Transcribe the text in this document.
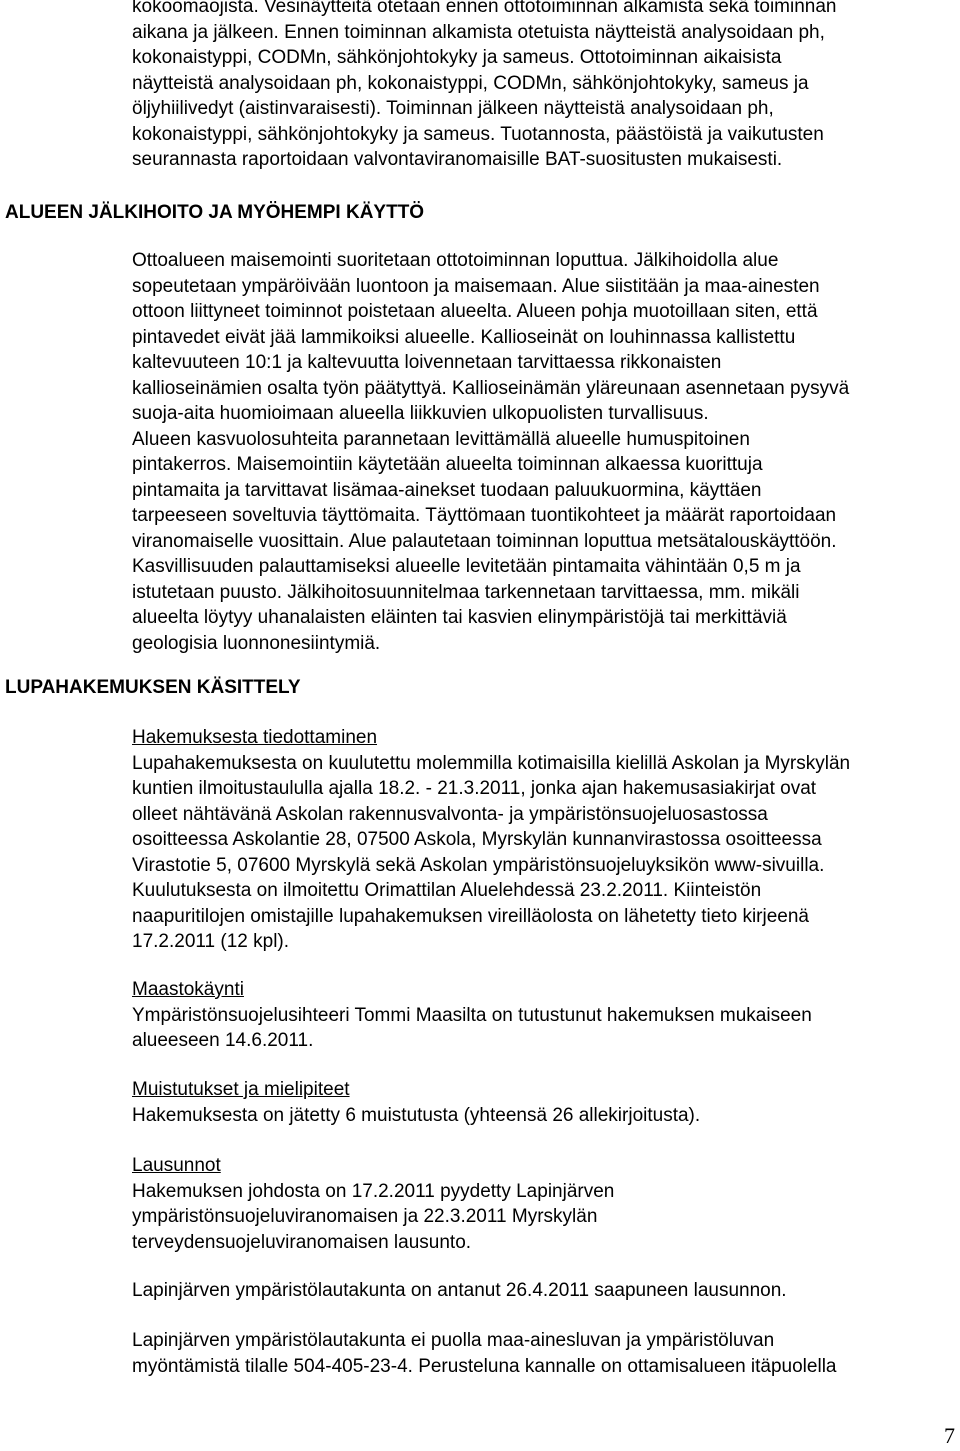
kokoomaojista. Vesinäytteitä otetaan ennen ottotoiminnan alkamista sekä toiminnan
aikana ja jälkeen. Ennen toiminnan alkamista otetuista näytteistä analysoidaan ph,
kokonaistyppi, CODMn, sähkönjohtokyky ja sameus. Ottotoiminnan aikaisista
näytteistä analysoidaan ph, kokonaistyppi, CODMn, sähkönjohtokyky, sameus ja
öljyhiilivedyt (aistinvaraisesti). Toiminnan jälkeen näytteistä analysoidaan ph,
kokonaistyppi, sähkönjohtokyky ja sameus. Tuotannosta, päästöistä ja vaikutusten
seurannasta raportoidaan valvontaviranomaisille BAT-suositusten mukaisesti.
ALUEEN JÄLKIHOITO JA MYÖHEMPI KÄYTTÖ
Ottoalueen maisemointi suoritetaan ottotoiminnan loputtua. Jälkihoidolla alue
sopeutetaan ympäröivään luontoon ja maisemaan. Alue siistitään ja maa-ainesten
ottoon liittyneet toiminnot poistetaan alueelta. Alueen pohja muotoillaan siten, että
pintavedet eivät jää lammikoiksi alueelle. Kallioseinät on louhinnassa kallistettu
kaltevuuteen 10:1 ja kaltevuutta loivennetaan tarvittaessa rikkonaisten
kallioseinämien osalta työn päätyttyä. Kallioseinämän yläreunaan asennetaan pysyvä
suoja-aita huomioimaan alueella liikkuvien ulkopuolisten turvallisuus.
Alueen kasvuolosuhteita parannetaan levittämällä alueelle humuspitoinen
pintakerros. Maisemointiin käytetään alueelta toiminnan alkaessa kuorittuja
pintamaita ja tarvittavat lisämaa-ainekset tuodaan paluukuormina, käyttäen
tarpeeseen soveltuvia täyttömaita. Täyttömaan tuontikohteet ja määrät raportoidaan
viranomaiselle vuosittain. Alue palautetaan toiminnan loputtua metsätalouskäyttöön.
Kasvillisuuden palauttamiseksi alueelle levitetään pintamaita vähintään 0,5 m ja
istutetaan puusto. Jälkihoitosuunnitelmaa tarkennetaan tarvittaessa, mm. mikäli
alueelta löytyy uhanalaisten eläinten tai kasvien elinympäristöjä tai merkittäviä
geologisia luonnonesiintymiä.
LUPAHAKEMUKSEN KÄSITTELY
Hakemuksesta tiedottaminen
Lupahakemuksesta on kuulutettu molemmilla kotimaisilla kielillä Askolan ja Myrskylän
kuntien ilmoitustaululla ajalla 18.2. - 21.3.2011, jonka ajan hakemusasiakirjat ovat
olleet nähtävänä Askolan rakennusvalvonta- ja ympäristönsuojeluosastossa
osoitteessa Askolantie 28, 07500 Askola, Myrskylän kunnanvirastossa osoitteessa
Virastotie 5, 07600 Myrskylä sekä Askolan ympäristönsuojeluyksikön www-sivuilla.
Kuulutuksesta on ilmoitettu Orimattilan Aluelehdessä 23.2.2011. Kiinteistön
naapuritilojen omistajille lupahakemuksen vireilläolosta on lähetetty tieto kirjeenä
17.2.2011 (12 kpl).
Maastokäynti
Ympäristönsuojelusihteeri Tommi Maasilta on tutustunut hakemuksen mukaiseen
alueeseen 14.6.2011.
Muistutukset ja mielipiteet
Hakemuksesta on jätetty 6 muistutusta (yhteensä 26 allekirjoitusta).
Lausunnot
Hakemuksen johdosta on 17.2.2011 pyydetty Lapinjärven
ympäristönsuojeluviranomaisen ja 22.3.2011 Myrskylän
terveydensuojeluviranomaisen lausunto.
Lapinjärven ympäristölautakunta on antanut 26.4.2011 saapuneen lausunnon.
Lapinjärven ympäristölautakunta ei puolla maa-ainesluvan ja ympäristöluvan
myöntämistä tilalle 504-405-23-4. Perusteluna kannalle on ottamisalueen itäpuolella
7
